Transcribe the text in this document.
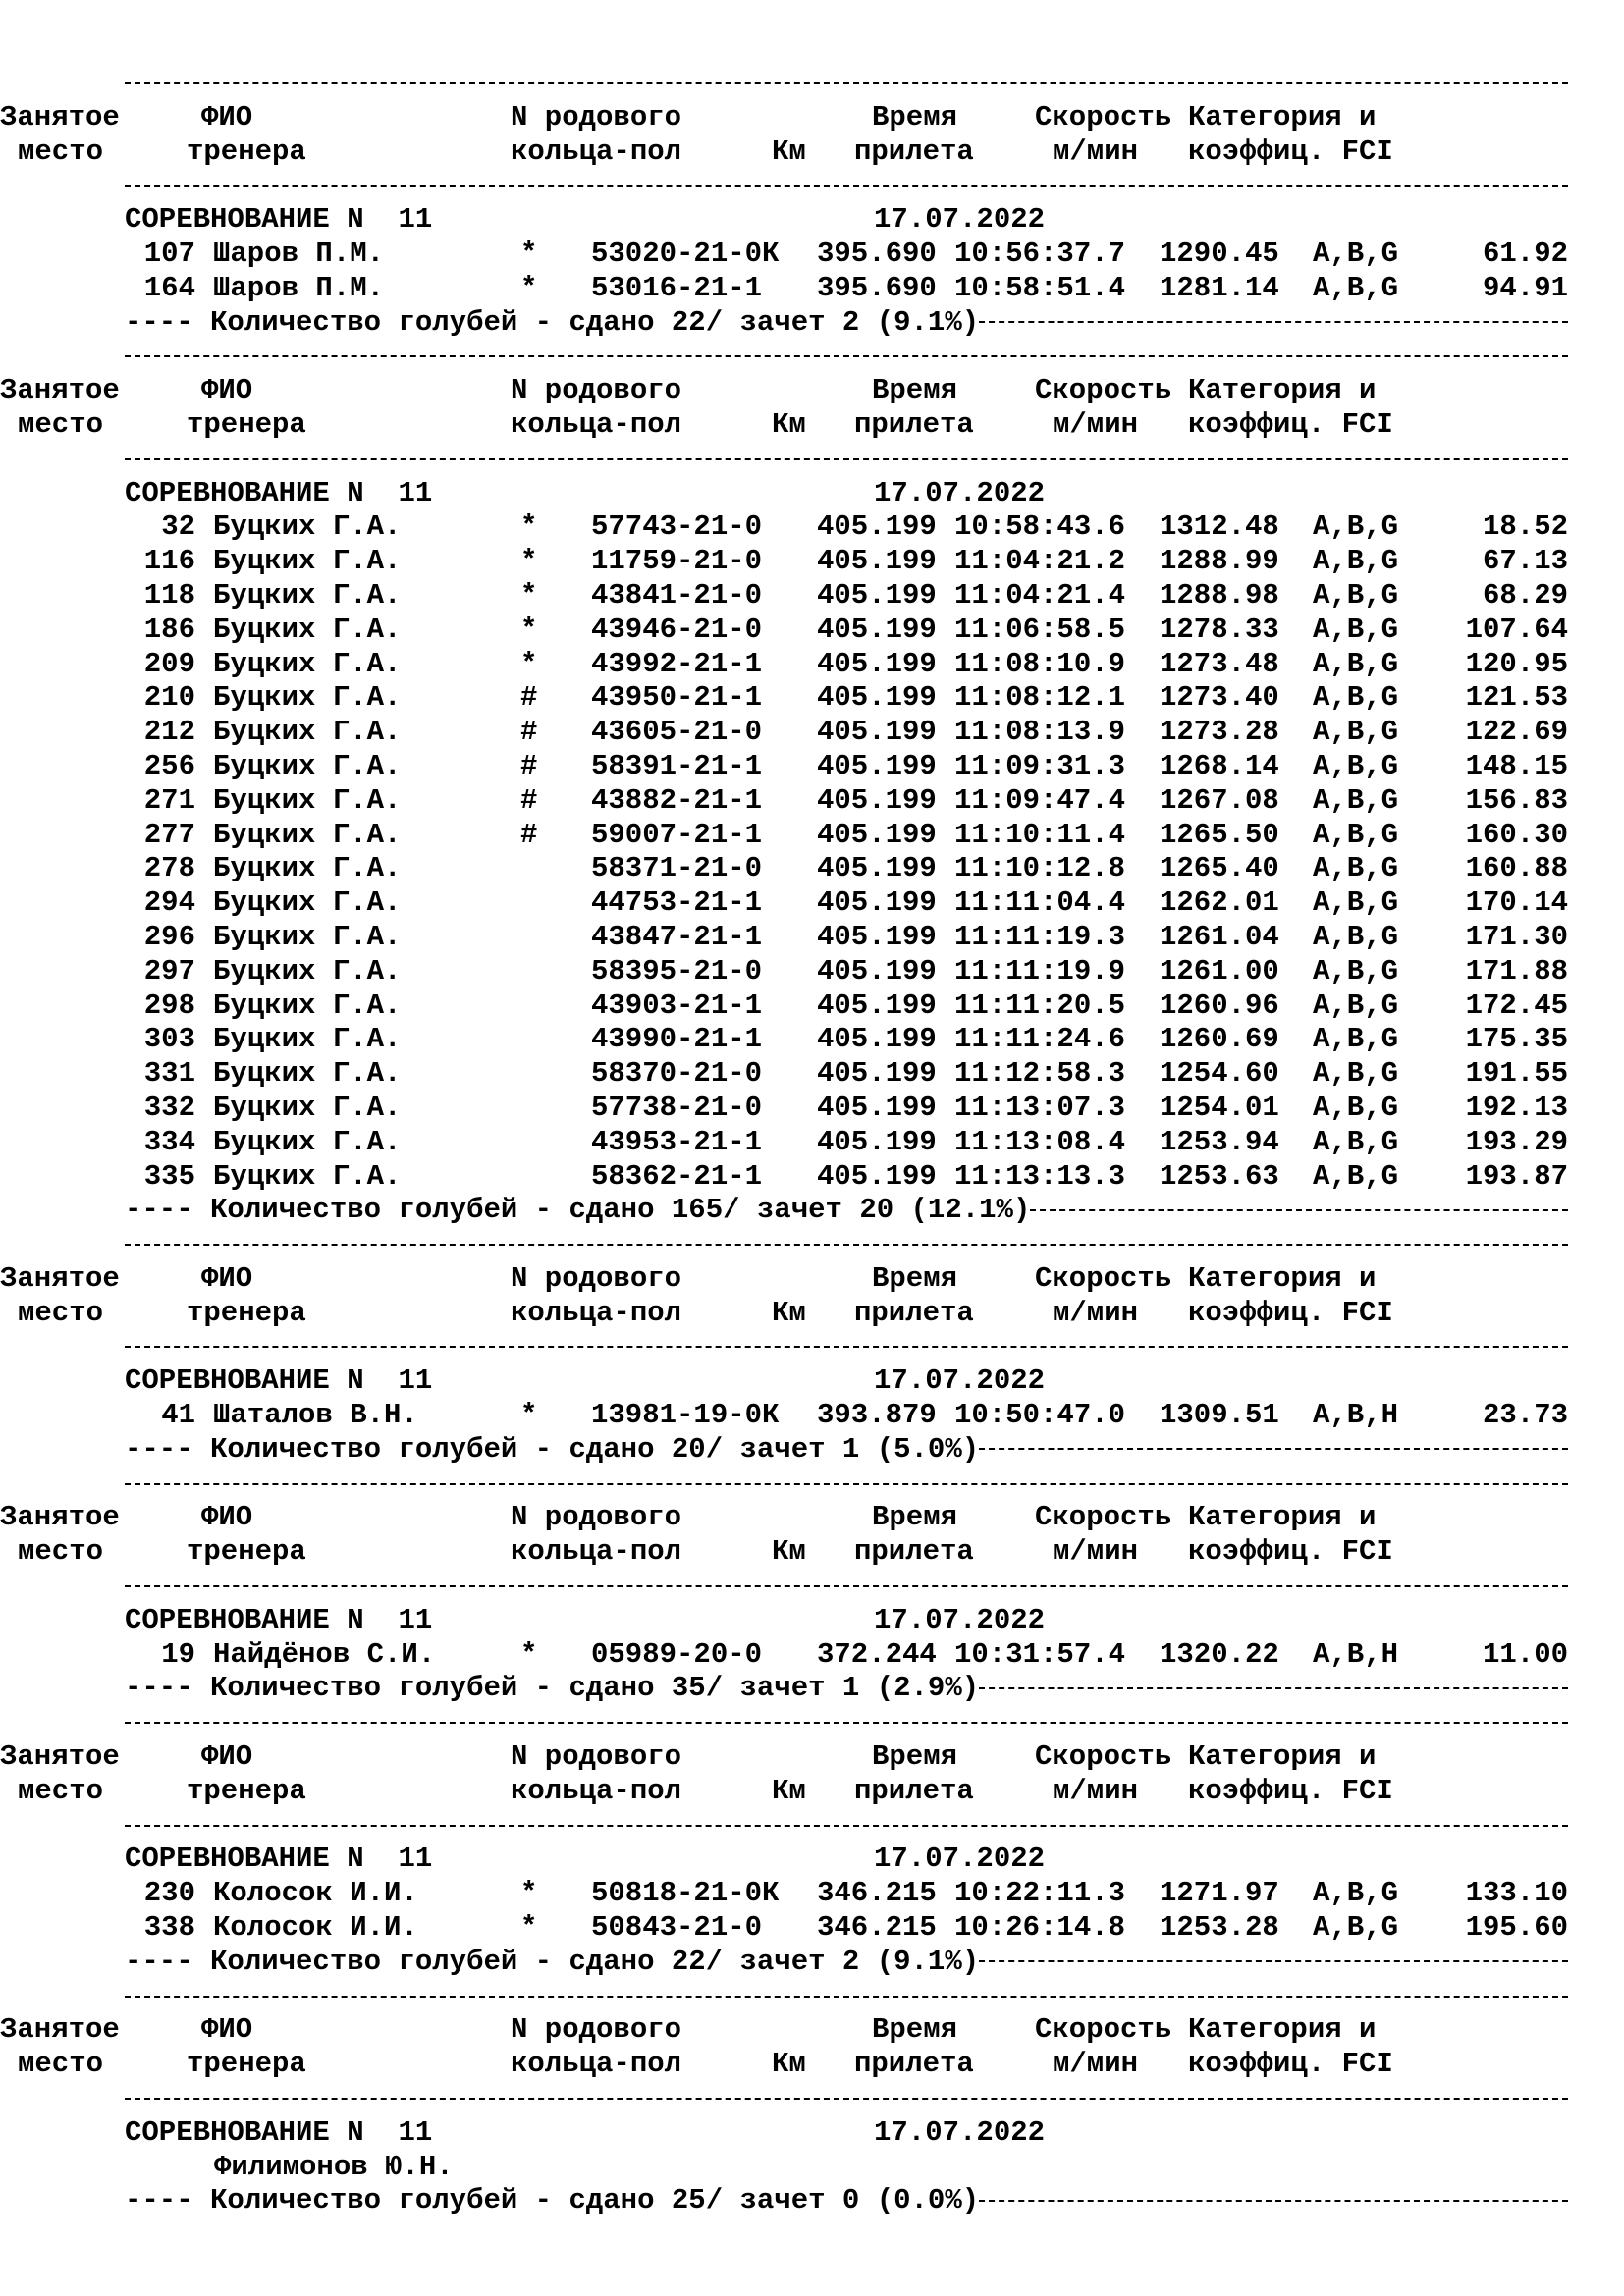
Занятое	ФИО	N родового	Время	Скорость Категория и
место	тренера	кольца-пол	Км прилета	м/мин коэффиц. FCI
СОРЕВНОВАНИЕ N  11	17.07.2022
107 Шаров П.М.	* 53020-21-0К 395.690 10:56:37.7 1290.45 A,B,G	61.92
164 Шаров П.М.	* 53016-21-1 395.690 10:58:51.4 1281.14 A,B,G	94.91
---- Количество голубей - сдано 22/ зачет 2 (9.1%)
Занятое	ФИО	N родового	Время	Скорость Категория и
место	тренера	кольца-пол	Км прилета	м/мин коэффиц. FCI
СОРЕВНОВАНИЕ N  11	17.07.2022
32 Буцких Г.А.	* 57743-21-0 405.199 10:58:43.6 1312.48 A,B,G	18.52
116 Буцких Г.А.	* 11759-21-0 405.199 11:04:21.2 1288.99 A,B,G	67.13
118 Буцких Г.А.	* 43841-21-0 405.199 11:04:21.4 1288.98 A,B,G	68.29
186 Буцких Г.А.	* 43946-21-0 405.199 11:06:58.5 1278.33 A,B,G	107.64
209 Буцких Г.А.	* 43992-21-1 405.199 11:08:10.9 1273.48 A,B,G	120.95
210 Буцких Г.А.	# 43950-21-1 405.199 11:08:12.1 1273.40 A,B,G	121.53
212 Буцких Г.А.	# 43605-21-0 405.199 11:08:13.9 1273.28 A,B,G	122.69
256 Буцких Г.А.	# 58391-21-1 405.199 11:09:31.3 1268.14 A,B,G	148.15
271 Буцких Г.А.	# 43882-21-1 405.199 11:09:47.4 1267.08 A,B,G	156.83
277 Буцких Г.А.	# 59007-21-1 405.199 11:10:11.4 1265.50 A,B,G	160.30
278 Буцких Г.А.	58371-21-0 405.199 11:10:12.8 1265.40 A,B,G	160.88
294 Буцких Г.А.	44753-21-1 405.199 11:11:04.4 1262.01 A,B,G	170.14
296 Буцких Г.А.	43847-21-1 405.199 11:11:19.3 1261.04 A,B,G	171.30
297 Буцких Г.А.	58395-21-0 405.199 11:11:19.9 1261.00 A,B,G	171.88
298 Буцких Г.А.	43903-21-1 405.199 11:11:20.5 1260.96 A,B,G	172.45
303 Буцких Г.А.	43990-21-1 405.199 11:11:24.6 1260.69 A,B,G	175.35
331 Буцких Г.А.	58370-21-0 405.199 11:12:58.3 1254.60 A,B,G	191.55
332 Буцких Г.А.	57738-21-0 405.199 11:13:07.3 1254.01 A,B,G	192.13
334 Буцких Г.А.	43953-21-1 405.199 11:13:08.4 1253.94 A,B,G	193.29
335 Буцких Г.А.	58362-21-1 405.199 11:13:13.3 1253.63 A,B,G	193.87
---- Количество голубей - сдано 165/ зачет 20 (12.1%)
Занятое	ФИО	N родового	Время	Скорость Категория и
место	тренера	кольца-пол	Км прилета	м/мин коэффиц. FCI
СОРЕВНОВАНИЕ N  11	17.07.2022
41 Шаталов В.Н.	* 13981-19-0К 393.879 10:50:47.0 1309.51 A,B,H	23.73
---- Количество голубей - сдано 20/ зачет 1 (5.0%)
Занятое	ФИО	N родового	Время	Скорость Категория и
место	тренера	кольца-пол	Км прилета	м/мин коэффиц. FCI
СОРЕВНОВАНИЕ N  11	17.07.2022
19 Найдёнов С.И.	* 05989-20-0 372.244 10:31:57.4 1320.22 A,B,H	11.00
---- Количество голубей - сдано 35/ зачет 1 (2.9%)
Занятое	ФИО	N родового	Время	Скорость Категория и
место	тренера	кольца-пол	Км прилета	м/мин коэффиц. FCI
СОРЕВНОВАНИЕ N  11	17.07.2022
230 Колосок И.И.	* 50818-21-0К 346.215 10:22:11.3 1271.97 A,B,G	133.10
338 Колосок И.И.	* 50843-21-0 346.215 10:26:14.8 1253.28 A,B,G	195.60
---- Количество голубей - сдано 22/ зачет 2 (9.1%)
Занятое	ФИО	N родового	Время	Скорость Категория и
место	тренера	кольца-пол	Км прилета	м/мин коэффиц. FCI
СОРЕВНОВАНИЕ N  11	17.07.2022
Филимонов Ю.Н.
---- Количество голубей - сдано 25/ зачет 0 (0.0%)
